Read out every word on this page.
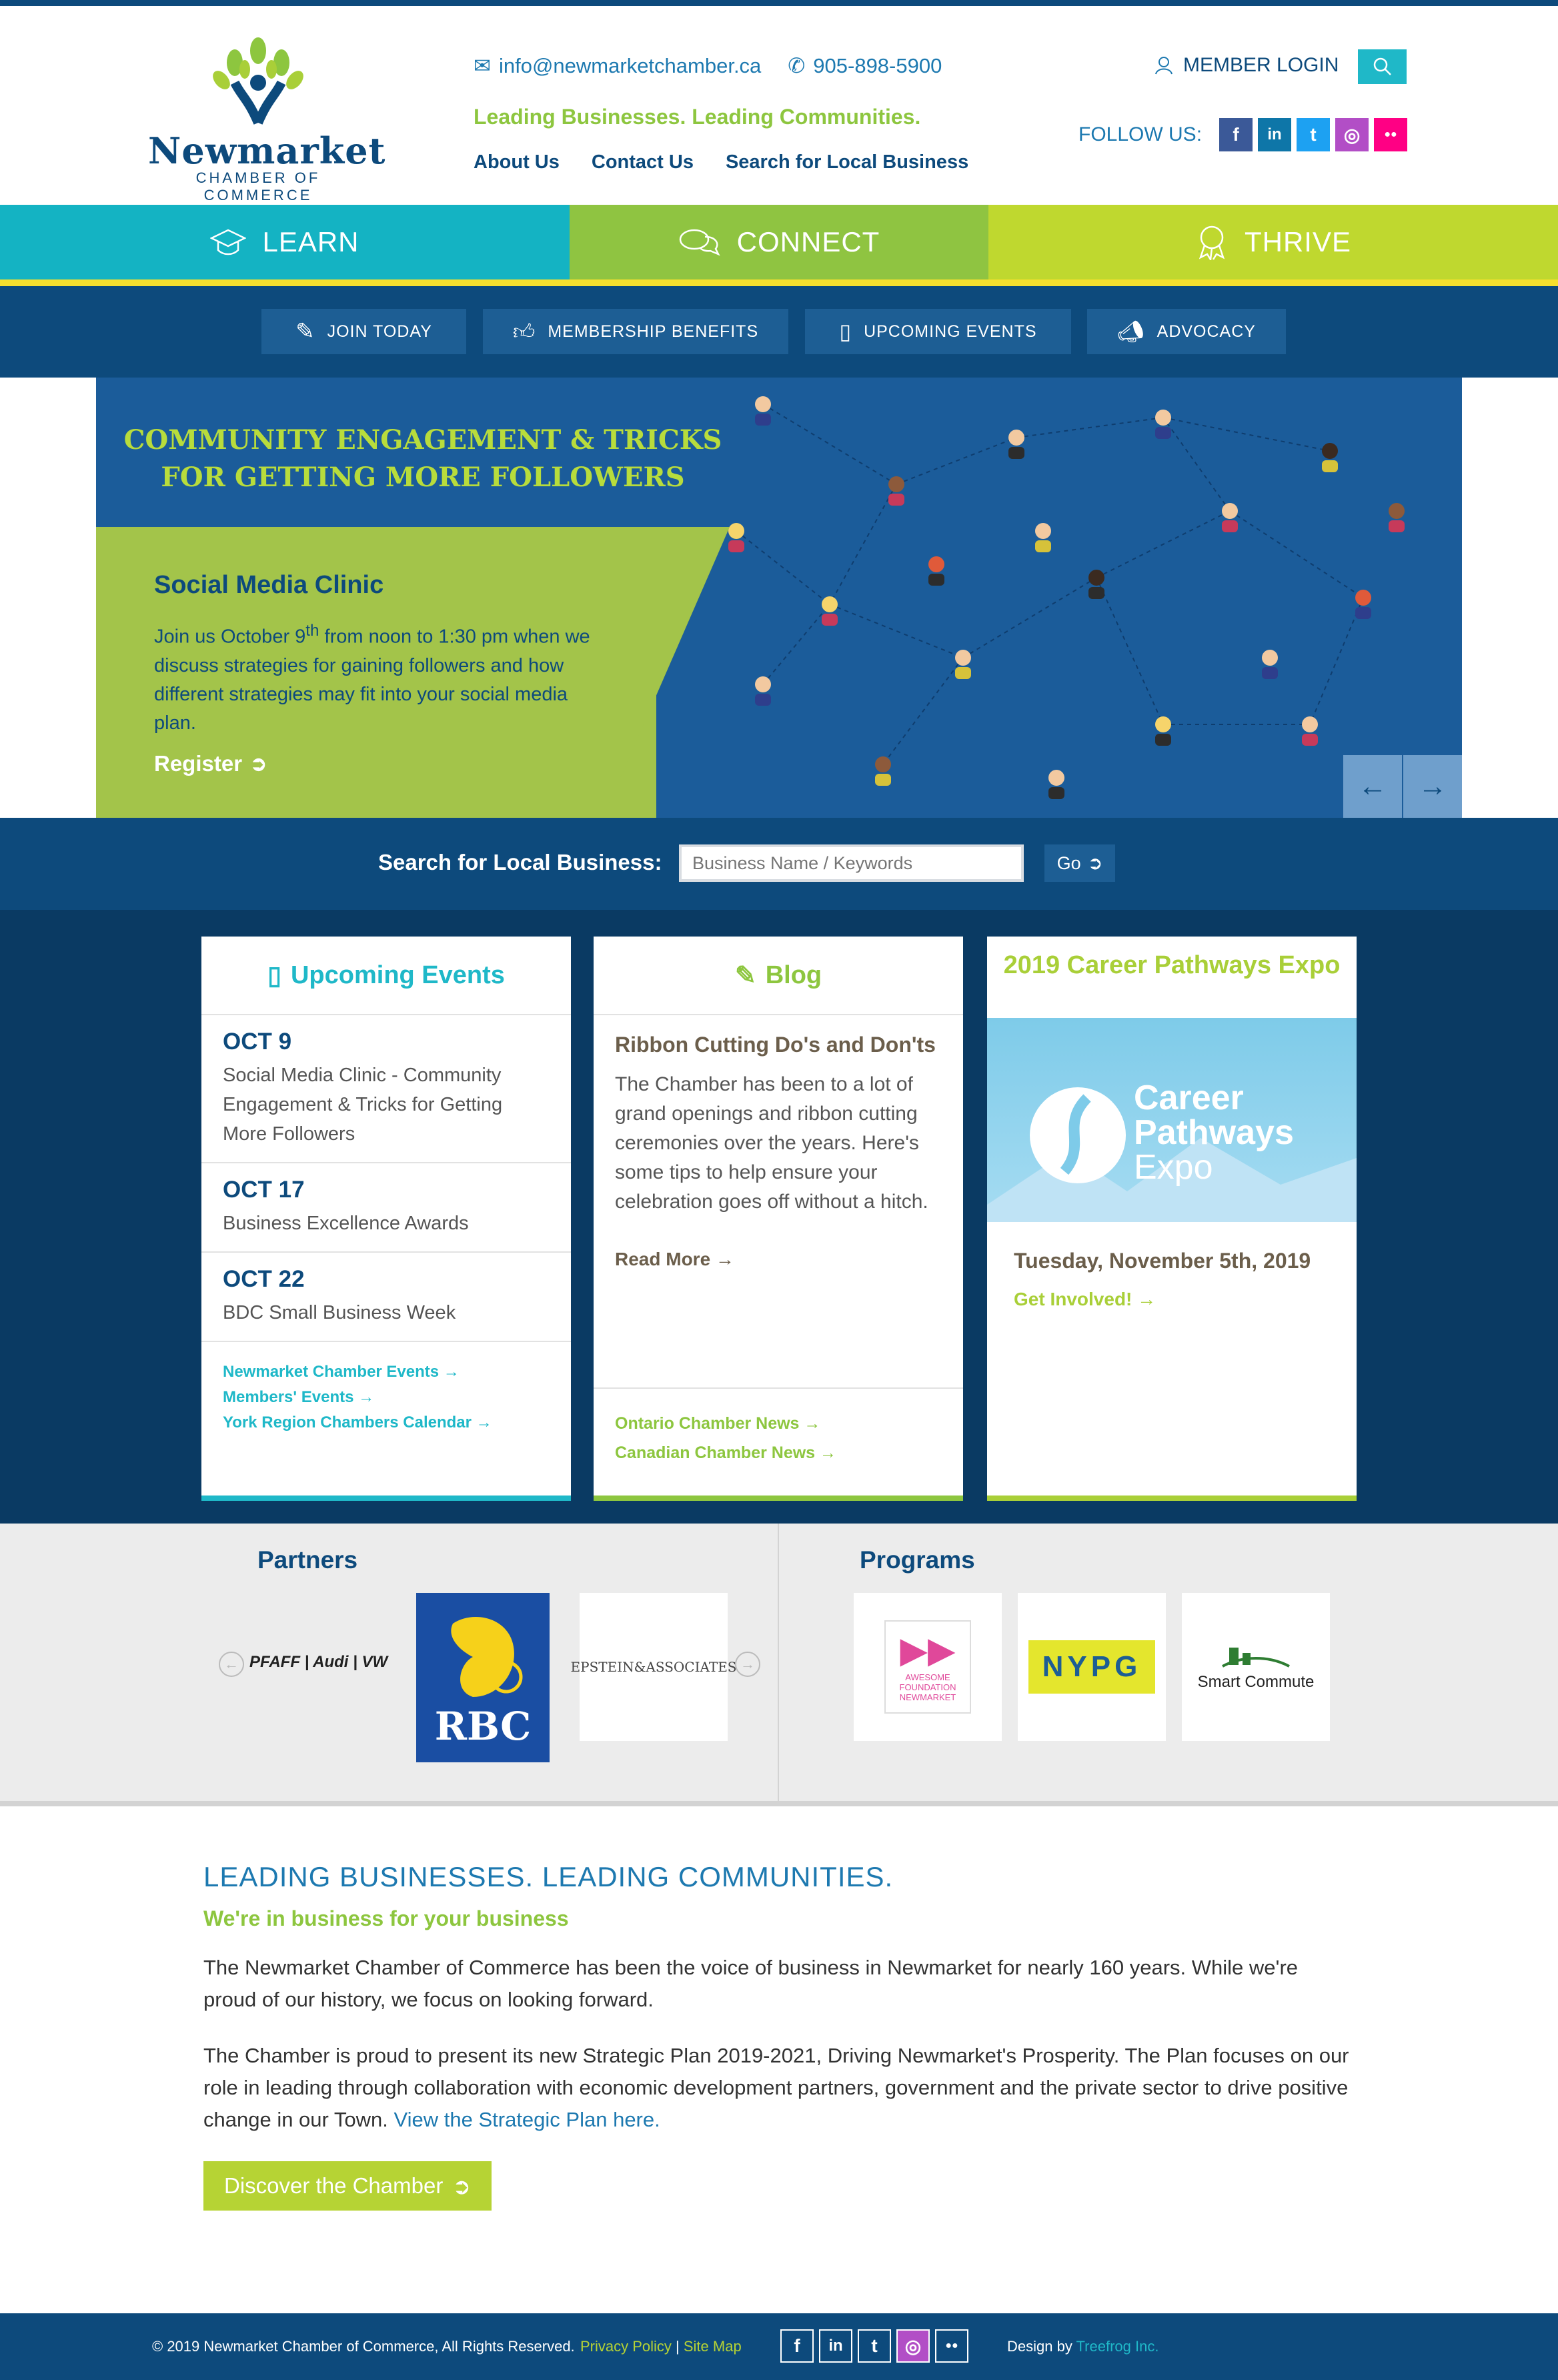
Newmarket
CHAMBER OF COMMERCE
✉ info@newmarketchamber.ca ✆ 905-898-5900
Leading Businesses. Leading Communities.
About Us Contact Us Search for Local Business
MEMBER LOGIN
FOLLOW US:	f	in	t	◎	●●
LEARN	CONNECT	THRIVE
✎ JOIN TODAY	👍︎ MEMBERSHIP BENEFITS	▯ UPCOMING EVENTS	📣︎ ADVOCACY
COMMUNITY ENGAGEMENT & TRICKS
FOR GETTING MORE FOLLOWERS
Social Media Clinic
Join us October 9th from noon to 1:30 pm when we discuss strategies for gaining followers and how different strategies may fit into your social media plan.
Register ➲
← →
Search for Local Business:
Business Name / Keywords	Go ➲
▯ Upcoming Events
OCT 9
Social Media Clinic - Community Engagement & Tricks for Getting More Followers
OCT 17
Business Excellence Awards
OCT 22
BDC Small Business Week
Newmarket Chamber Events →
Members' Events →
York Region Chambers Calendar →
✎ Blog
Ribbon Cutting Do's and Don'ts
The Chamber has been to a lot of grand openings and ribbon cutting ceremonies over the years. Here's some tips to help ensure your celebration goes off without a hitch.
Read More →
Ontario Chamber News →
Canadian Chamber News →
2019 Career Pathways Expo
Career
Pathways
Expo
Tuesday, November 5th, 2019
Get Involved! →
Partners
← PFAFF | Audi | VW
RBC
EPSTEIN&ASSOCIATES →
Programs
▶▶
AWESOME FOUNDATION NEWMARKET
NYPG	Smart Commute
LEADING BUSINESSES. LEADING COMMUNITIES.
We're in business for your business
The Newmarket Chamber of Commerce has been the voice of business in Newmarket for nearly 160 years. While we're proud of our history, we focus on looking forward.
The Chamber is proud to present its new Strategic Plan 2019-2021, Driving Newmarket's Prosperity. The Plan focuses on our role in leading through collaboration with economic development partners, government and the private sector to drive positive change in our Town. View the Strategic Plan here.
Discover the Chamber ➲
© 2019 Newmarket Chamber of Commerce, All Rights Reserved. Privacy Policy | Site Map	f	in	t	◎	●●	Design by Treefrog Inc.
